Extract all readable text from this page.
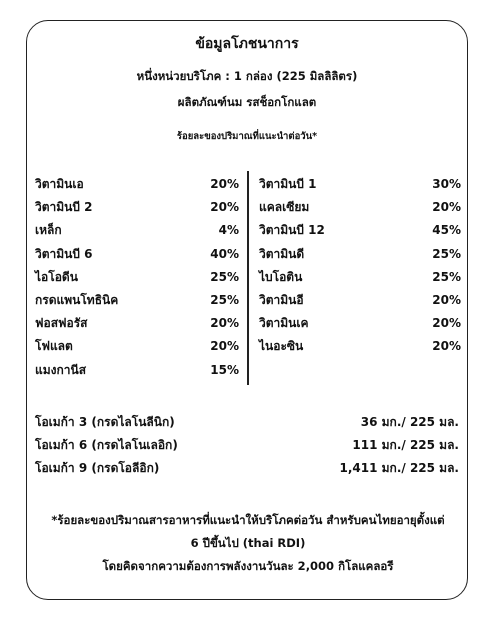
ข้อมูลโภชนาการ
หนึ่งหน่วยบริโภค : 1 กล่อง (225 มิลลิลิตร)
ผลิตภัณฑ์นม รสช็อกโกแลต
ร้อยละของปริมาณที่แนะนำต่อวัน*
วิตามินเอ	20%
วิตามินบี 2	20%
เหล็ก	4%
วิตามินบี 6	40%
ไอโอดีน	25%
กรดแพนโทธินิค	25%
ฟอสฟอรัส	20%
โฟแลต	20%
แมงกานีส	15%
วิตามินบี 1	30%
แคลเซียม	20%
วิตามินบี 12	45%
วิตามินดี	25%
ไบโอติน	25%
วิตามินอี	20%
วิตามินเค	20%
ไนอะซิน	20%
โอเมก้า 3 (กรดไลโนลีนิก)	36 มก./ 225 มล.
โอเมก้า 6 (กรดไลโนเลอิก)	111 มก./ 225 มล.
โอเมก้า 9 (กรดโอลีอิก)	1,411 มก./ 225 มล.
*ร้อยละของปริมาณสารอาหารที่แนะนำให้บริโภคต่อวัน สำหรับคนไทยอายุตั้งแต่
6 ปีขึ้นไป (thai RDI)
โดยคิดจากความต้องการพลังงานวันละ 2,000 กิโลแคลอรี
